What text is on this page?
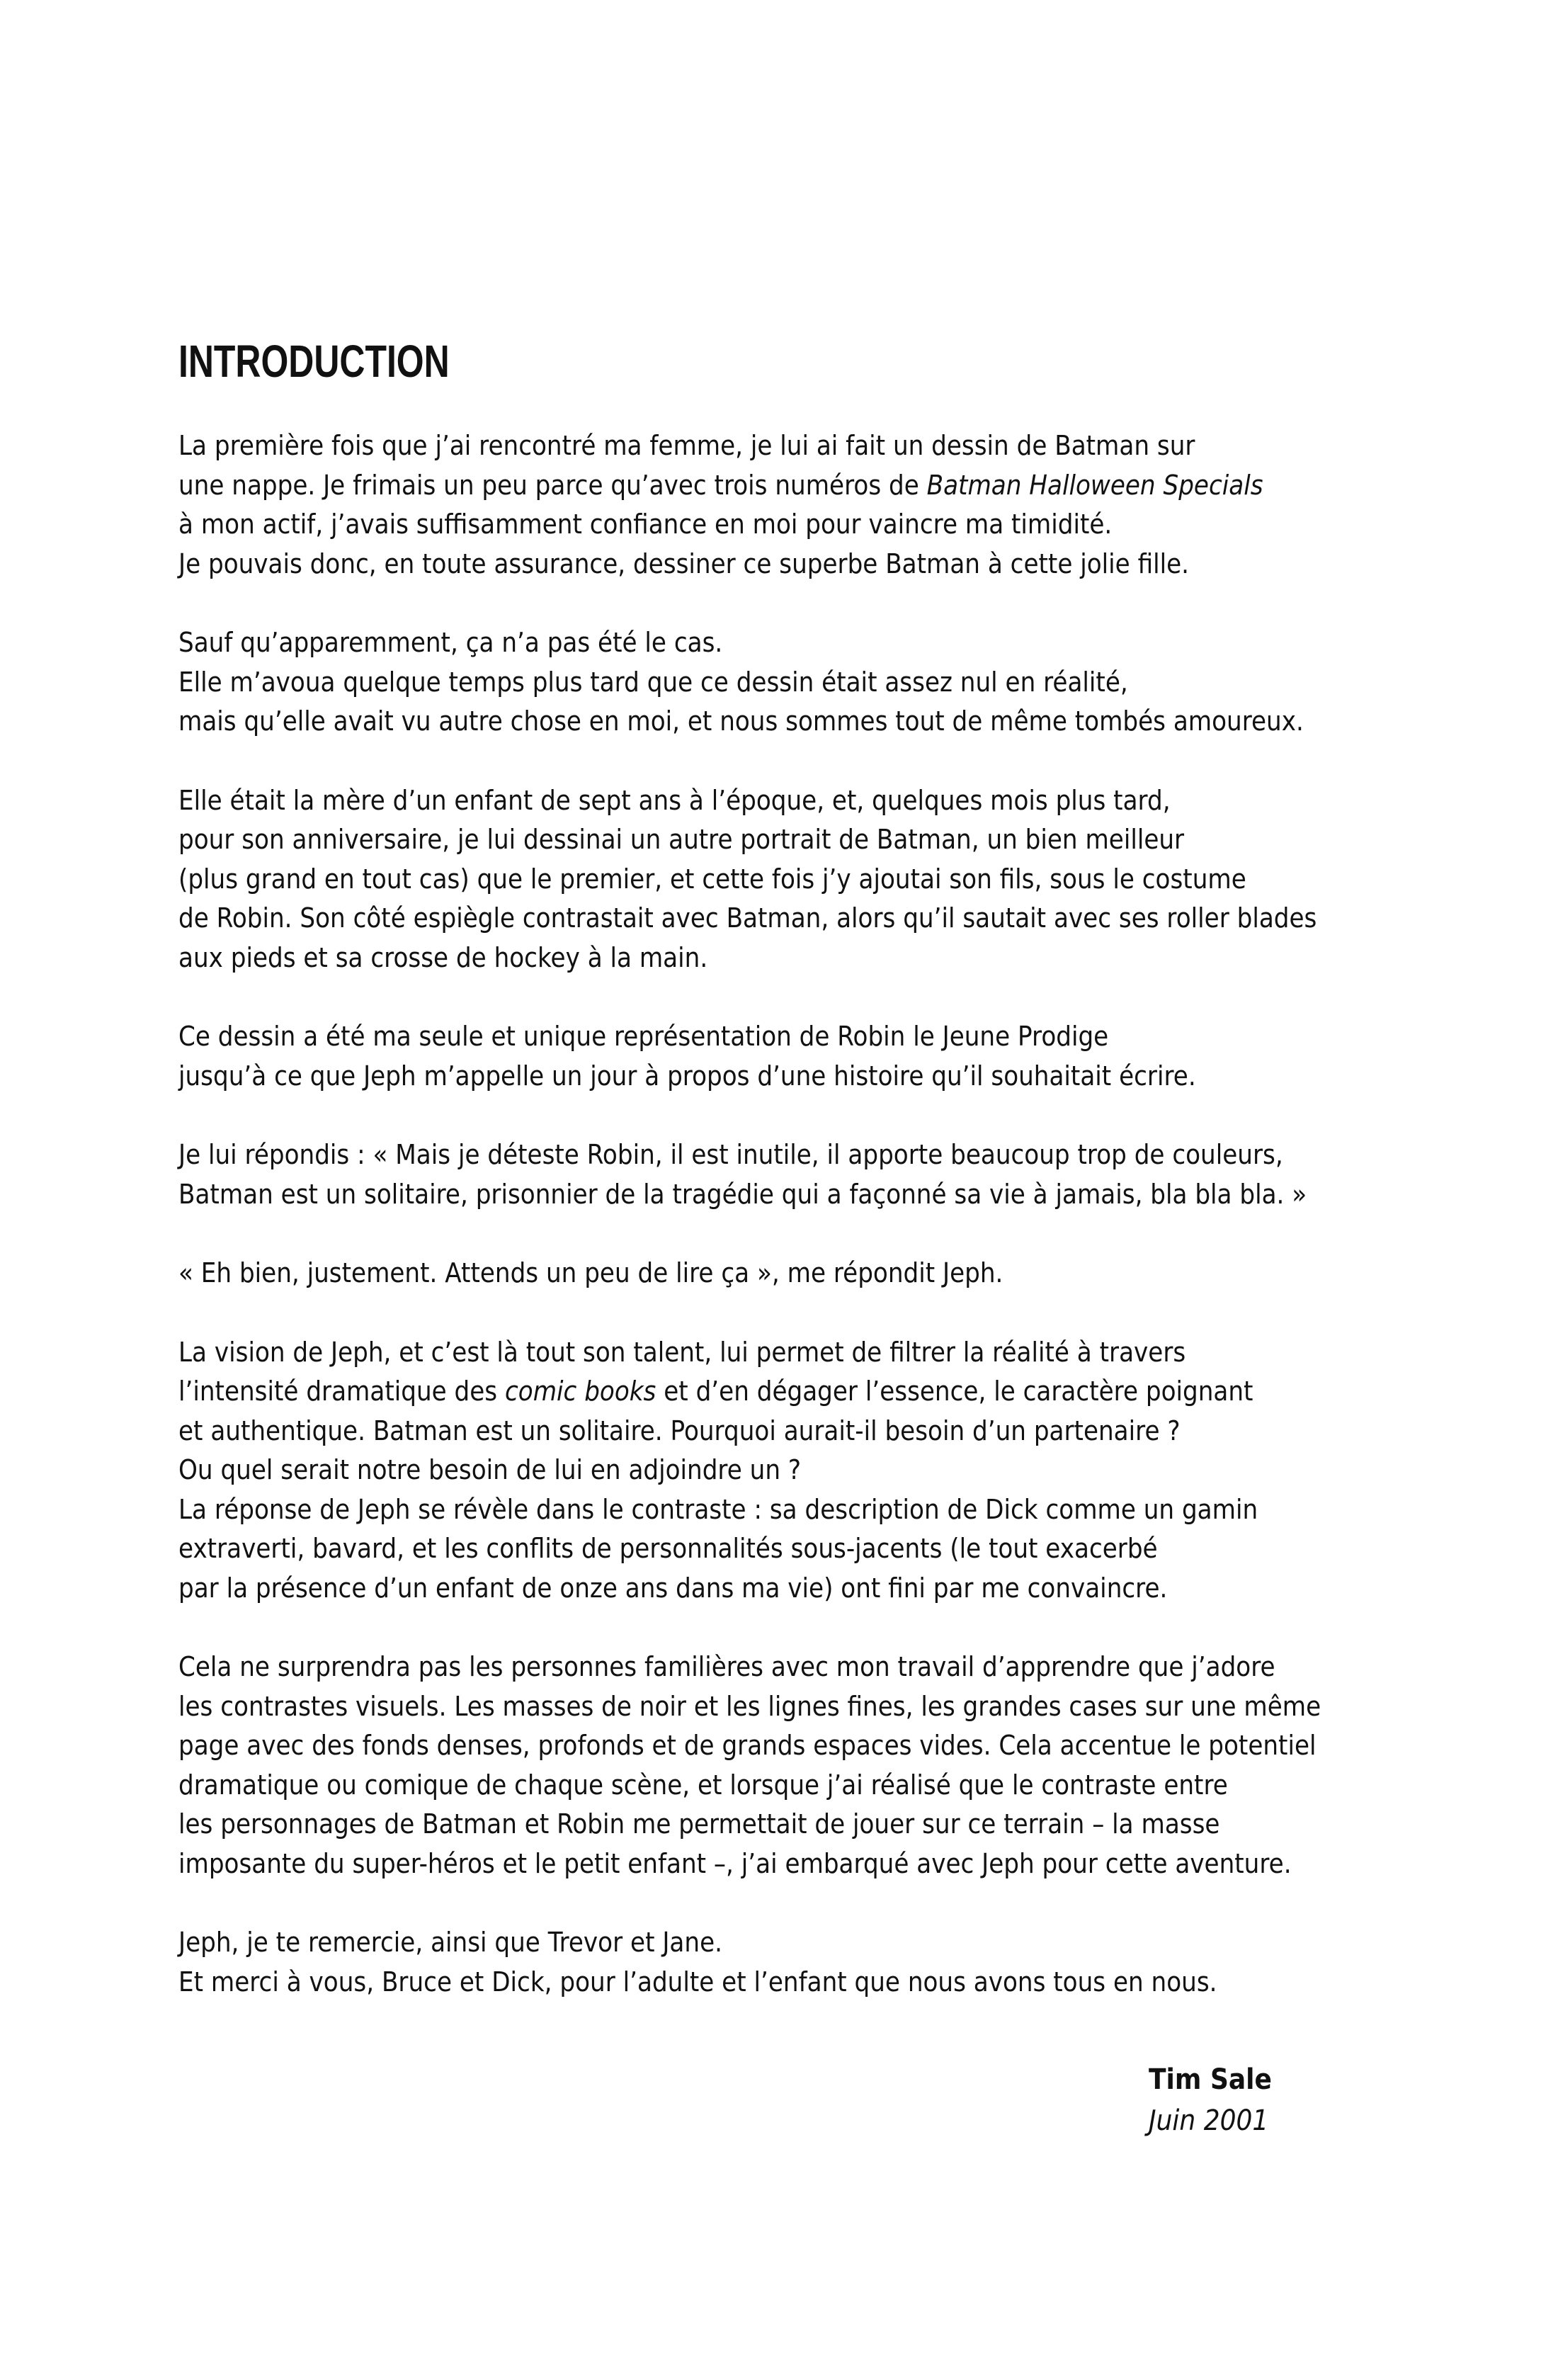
INTRODUCTION
La première fois que j’ai rencontré ma femme, je lui ai fait un dessin de Batman sur
une nappe. Je frimais un peu parce qu’avec trois numéros de Batman Halloween Specials
à mon actif, j’avais suffisamment confiance en moi pour vaincre ma timidité.
Je pouvais donc, en toute assurance, dessiner ce superbe Batman à cette jolie fille.
Sauf qu’apparemment, ça n’a pas été le cas.
Elle m’avoua quelque temps plus tard que ce dessin était assez nul en réalité,
mais qu’elle avait vu autre chose en moi, et nous sommes tout de même tombés amoureux.
Elle était la mère d’un enfant de sept ans à l’époque, et, quelques mois plus tard,
pour son anniversaire, je lui dessinai un autre portrait de Batman, un bien meilleur
(plus grand en tout cas) que le premier, et cette fois j’y ajoutai son fils, sous le costume
de Robin. Son côté espiègle contrastait avec Batman, alors qu’il sautait avec ses roller blades
aux pieds et sa crosse de hockey à la main.
Ce dessin a été ma seule et unique représentation de Robin le Jeune Prodige
jusqu’à ce que Jeph m’appelle un jour à propos d’une histoire qu’il souhaitait écrire.
Je lui répondis : « Mais je déteste Robin, il est inutile, il apporte beaucoup trop de couleurs,
Batman est un solitaire, prisonnier de la tragédie qui a façonné sa vie à jamais, bla bla bla. »
« Eh bien, justement. Attends un peu de lire ça », me répondit Jeph.
La vision de Jeph, et c’est là tout son talent, lui permet de filtrer la réalité à travers
l’intensité dramatique des comic books et d’en dégager l’essence, le caractère poignant
et authentique. Batman est un solitaire. Pourquoi aurait-il besoin d’un partenaire ?
Ou quel serait notre besoin de lui en adjoindre un ?
La réponse de Jeph se révèle dans le contraste : sa description de Dick comme un gamin
extraverti, bavard, et les conflits de personnalités sous-jacents (le tout exacerbé
par la présence d’un enfant de onze ans dans ma vie) ont fini par me convaincre.
Cela ne surprendra pas les personnes familières avec mon travail d’apprendre que j’adore
les contrastes visuels. Les masses de noir et les lignes fines, les grandes cases sur une même
page avec des fonds denses, profonds et de grands espaces vides. Cela accentue le potentiel
dramatique ou comique de chaque scène, et lorsque j’ai réalisé que le contraste entre
les personnages de Batman et Robin me permettait de jouer sur ce terrain – la masse
imposante du super-héros et le petit enfant –, j’ai embarqué avec Jeph pour cette aventure.
Jeph, je te remercie, ainsi que Trevor et Jane.
Et merci à vous, Bruce et Dick, pour l’adulte et l’enfant que nous avons tous en nous.
Tim Sale
Juin 2001
